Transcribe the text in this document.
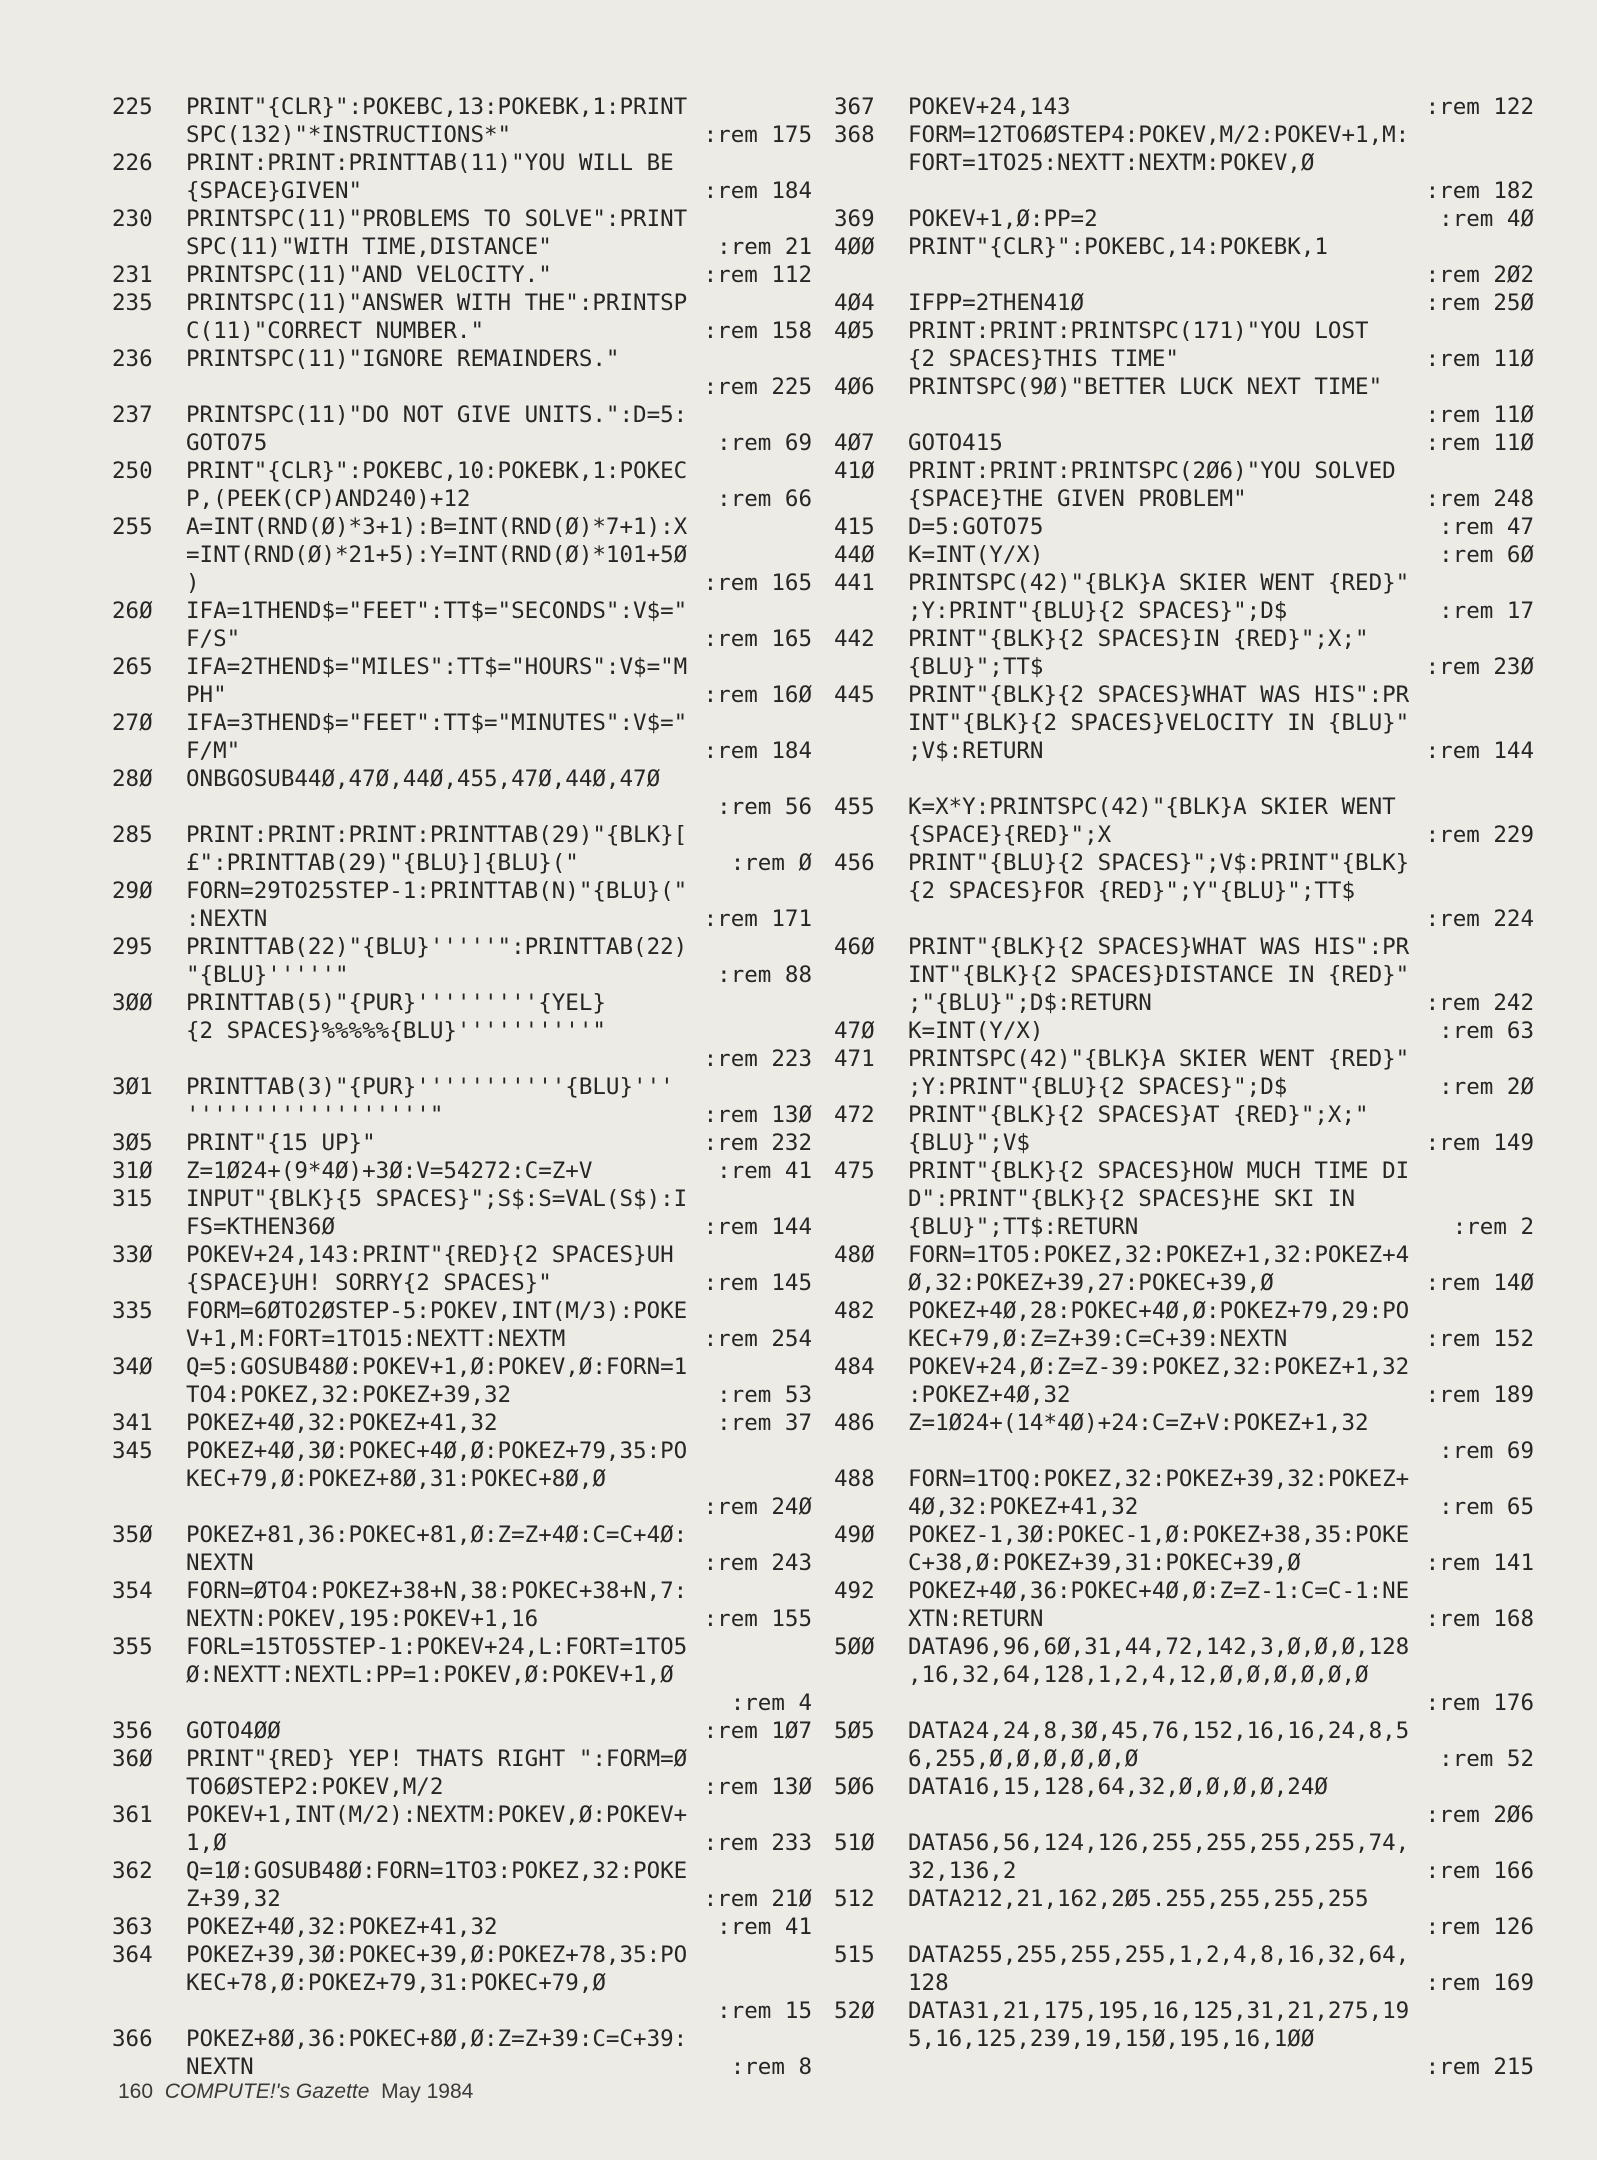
225	PRINT"{CLR}":POKEBC,13:POKEBK,1:PRINT
SPC(132)"*INSTRUCTIONS*"	:rem 175
226	PRINT:PRINT:PRINTTAB(11)"YOU WILL BE
{SPACE}GIVEN"	:rem 184
230	PRINTSPC(11)"PROBLEMS TO SOLVE":PRINT
SPC(11)"WITH TIME,DISTANCE"	:rem 21
231	PRINTSPC(11)"AND VELOCITY."	:rem 112
235	PRINTSPC(11)"ANSWER WITH THE":PRINTSP
C(11)"CORRECT NUMBER."	:rem 158
236	PRINTSPC(11)"IGNORE REMAINDERS."
:rem 225
237	PRINTSPC(11)"DO NOT GIVE UNITS.":D=5:
GOTO75	:rem 69
250	PRINT"{CLR}":POKEBC,10:POKEBK,1:POKEC
P,(PEEK(CP)AND240)+12	:rem 66
255	A=INT(RND(Ø)*3+1):B=INT(RND(Ø)*7+1):X
=INT(RND(Ø)*21+5):Y=INT(RND(Ø)*101+5Ø
)	:rem 165
26Ø	IFA=1THEND$="FEET":TT$="SECONDS":V$="
F/S"	:rem 165
265	IFA=2THEND$="MILES":TT$="HOURS":V$="M
PH"	:rem 16Ø
27Ø	IFA=3THEND$="FEET":TT$="MINUTES":V$="
F/M"	:rem 184
28Ø	ONBGOSUB44Ø,47Ø,44Ø,455,47Ø,44Ø,47Ø
:rem 56
285	PRINT:PRINT:PRINT:PRINTTAB(29)"{BLK}[
£":PRINTTAB(29)"{BLU}]{BLU}("	:rem Ø
29Ø	FORN=29TO25STEP-1:PRINTTAB(N)"{BLU}("
:NEXTN	:rem 171
295	PRINTTAB(22)"{BLU}'''''":PRINTTAB(22)
"{BLU}'''''"	:rem 88
3ØØ	PRINTTAB(5)"{PUR}'''''''''{YEL}
{2 SPACES}%%%%%{BLU}''''''''''"
:rem 223
3Ø1	PRINTTAB(3)"{PUR}'''''''''''{BLU}'''
''''''''''''''''''"	:rem 13Ø
3Ø5	PRINT"{15 UP}"	:rem 232
31Ø	Z=1Ø24+(9*4Ø)+3Ø:V=54272:C=Z+V	:rem 41
315	INPUT"{BLK}{5 SPACES}";S$:S=VAL(S$):I
FS=KTHEN36Ø	:rem 144
33Ø	POKEV+24,143:PRINT"{RED}{2 SPACES}UH
{SPACE}UH! SORRY{2 SPACES}"	:rem 145
335	FORM=6ØTO2ØSTEP-5:POKEV,INT(M/3):POKE
V+1,M:FORT=1TO15:NEXTT:NEXTM	:rem 254
34Ø	Q=5:GOSUB48Ø:POKEV+1,Ø:POKEV,Ø:FORN=1
TO4:POKEZ,32:POKEZ+39,32	:rem 53
341	POKEZ+4Ø,32:POKEZ+41,32	:rem 37
345	POKEZ+4Ø,3Ø:POKEC+4Ø,Ø:POKEZ+79,35:PO
KEC+79,Ø:POKEZ+8Ø,31:POKEC+8Ø,Ø
:rem 24Ø
35Ø	POKEZ+81,36:POKEC+81,Ø:Z=Z+4Ø:C=C+4Ø:
NEXTN	:rem 243
354	FORN=ØTO4:POKEZ+38+N,38:POKEC+38+N,7:
NEXTN:POKEV,195:POKEV+1,16	:rem 155
355	FORL=15TO5STEP-1:POKEV+24,L:FORT=1TO5
Ø:NEXTT:NEXTL:PP=1:POKEV,Ø:POKEV+1,Ø
:rem 4
356	GOTO4ØØ	:rem 1Ø7
36Ø	PRINT"{RED} YEP! THATS RIGHT ":FORM=Ø
TO6ØSTEP2:POKEV,M/2	:rem 13Ø
361	POKEV+1,INT(M/2):NEXTM:POKEV,Ø:POKEV+
1,Ø	:rem 233
362	Q=1Ø:GOSUB48Ø:FORN=1TO3:POKEZ,32:POKE
Z+39,32	:rem 21Ø
363	POKEZ+4Ø,32:POKEZ+41,32	:rem 41
364	POKEZ+39,3Ø:POKEC+39,Ø:POKEZ+78,35:PO
KEC+78,Ø:POKEZ+79,31:POKEC+79,Ø
:rem 15
366	POKEZ+8Ø,36:POKEC+8Ø,Ø:Z=Z+39:C=C+39:
NEXTN	:rem 8
367	POKEV+24,143	:rem 122
368	FORM=12TO6ØSTEP4:POKEV,M/2:POKEV+1,M:
FORT=1TO25:NEXTT:NEXTM:POKEV,Ø
:rem 182
369	POKEV+1,Ø:PP=2	:rem 4Ø
4ØØ	PRINT"{CLR}":POKEBC,14:POKEBK,1
:rem 2Ø2
4Ø4	IFPP=2THEN41Ø	:rem 25Ø
4Ø5	PRINT:PRINT:PRINTSPC(171)"YOU LOST
{2 SPACES}THIS TIME"	:rem 11Ø
4Ø6	PRINTSPC(9Ø)"BETTER LUCK NEXT TIME"
:rem 11Ø
4Ø7	GOTO415	:rem 11Ø
41Ø	PRINT:PRINT:PRINTSPC(2Ø6)"YOU SOLVED
{SPACE}THE GIVEN PROBLEM"	:rem 248
415	D=5:GOTO75	:rem 47
44Ø	K=INT(Y/X)	:rem 6Ø
441	PRINTSPC(42)"{BLK}A SKIER WENT {RED}"
;Y:PRINT"{BLU}{2 SPACES}";D$	:rem 17
442	PRINT"{BLK}{2 SPACES}IN {RED}";X;"
{BLU}";TT$	:rem 23Ø
445	PRINT"{BLK}{2 SPACES}WHAT WAS HIS":PR
INT"{BLK}{2 SPACES}VELOCITY IN {BLU}"
;V$:RETURN	:rem 144
455	K=X*Y:PRINTSPC(42)"{BLK}A SKIER WENT
{SPACE}{RED}";X	:rem 229
456	PRINT"{BLU}{2 SPACES}";V$:PRINT"{BLK}
{2 SPACES}FOR {RED}";Y"{BLU}";TT$
:rem 224
46Ø	PRINT"{BLK}{2 SPACES}WHAT WAS HIS":PR
INT"{BLK}{2 SPACES}DISTANCE IN {RED}"
;"{BLU}";D$:RETURN	:rem 242
47Ø	K=INT(Y/X)	:rem 63
471	PRINTSPC(42)"{BLK}A SKIER WENT {RED}"
;Y:PRINT"{BLU}{2 SPACES}";D$	:rem 2Ø
472	PRINT"{BLK}{2 SPACES}AT {RED}";X;"
{BLU}";V$	:rem 149
475	PRINT"{BLK}{2 SPACES}HOW MUCH TIME DI
D":PRINT"{BLK}{2 SPACES}HE SKI IN
{BLU}";TT$:RETURN	:rem 2
48Ø	FORN=1TO5:POKEZ,32:POKEZ+1,32:POKEZ+4
Ø,32:POKEZ+39,27:POKEC+39,Ø	:rem 14Ø
482	POKEZ+4Ø,28:POKEC+4Ø,Ø:POKEZ+79,29:PO
KEC+79,Ø:Z=Z+39:C=C+39:NEXTN	:rem 152
484	POKEV+24,Ø:Z=Z-39:POKEZ,32:POKEZ+1,32
:POKEZ+4Ø,32	:rem 189
486	Z=1Ø24+(14*4Ø)+24:C=Z+V:POKEZ+1,32
:rem 69
488	FORN=1TOQ:POKEZ,32:POKEZ+39,32:POKEZ+
4Ø,32:POKEZ+41,32	:rem 65
49Ø	POKEZ-1,3Ø:POKEC-1,Ø:POKEZ+38,35:POKE
C+38,Ø:POKEZ+39,31:POKEC+39,Ø	:rem 141
492	POKEZ+4Ø,36:POKEC+4Ø,Ø:Z=Z-1:C=C-1:NE
XTN:RETURN	:rem 168
5ØØ	DATA96,96,6Ø,31,44,72,142,3,Ø,Ø,Ø,128
,16,32,64,128,1,2,4,12,Ø,Ø,Ø,Ø,Ø,Ø
:rem 176
5Ø5	DATA24,24,8,3Ø,45,76,152,16,16,24,8,5
6,255,Ø,Ø,Ø,Ø,Ø,Ø	:rem 52
5Ø6	DATA16,15,128,64,32,Ø,Ø,Ø,Ø,24Ø
:rem 2Ø6
51Ø	DATA56,56,124,126,255,255,255,255,74,
32,136,2	:rem 166
512	DATA212,21,162,2Ø5.255,255,255,255
:rem 126
515	DATA255,255,255,255,1,2,4,8,16,32,64,
128	:rem 169
52Ø	DATA31,21,175,195,16,125,31,21,275,19
5,16,125,239,19,15Ø,195,16,1ØØ
:rem 215
160 COMPUTE!'s Gazette May 1984
